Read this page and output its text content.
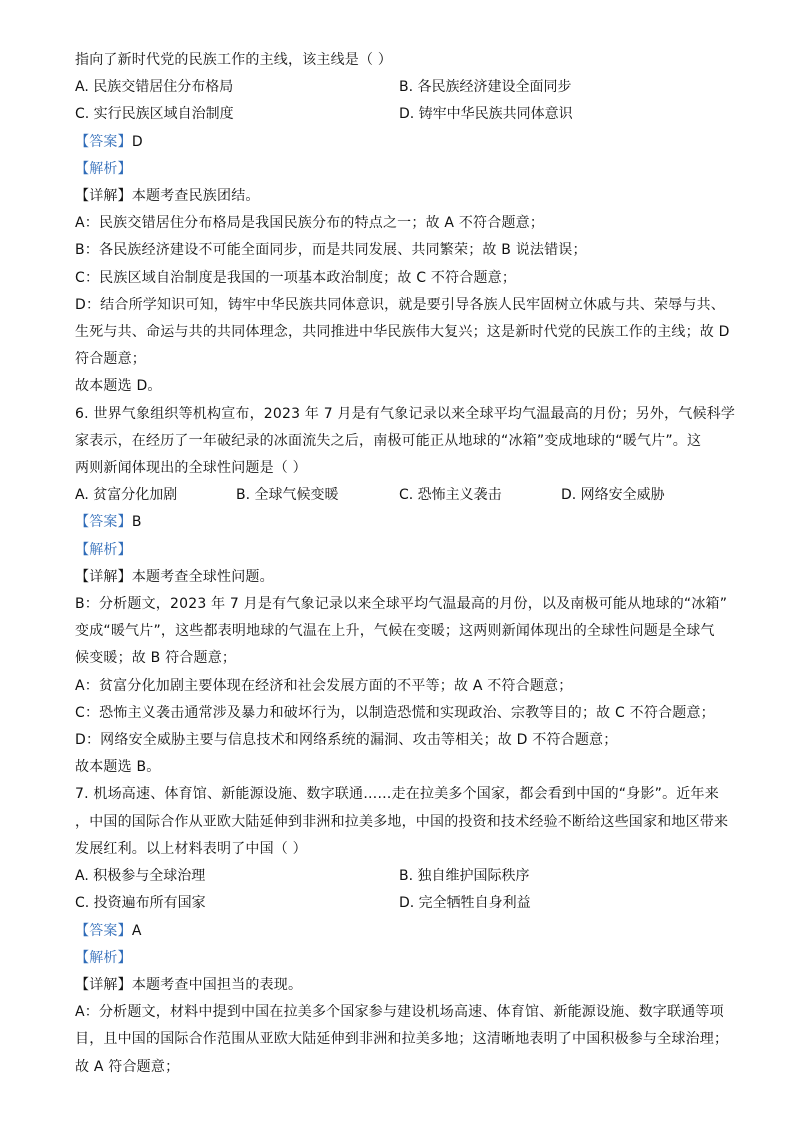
指向了新时代党的民族工作的主线，该主线是（ ）
A. 民族交错居住分布格局	B. 各民族经济建设全面同步
C. 实行民族区域自治制度	D. 铸牢中华民族共同体意识
【答案】D
【解析】
【详解】本题考查民族团结。
A：民族交错居住分布格局是我国民族分布的特点之一；故 A 不符合题意；
B：各民族经济建设不可能全面同步，而是共同发展、共同繁荣；故 B 说法错误；
C：民族区域自治制度是我国的一项基本政治制度；故 C 不符合题意；
D：结合所学知识可知，铸牢中华民族共同体意识，就是要引导各族人民牢固树立休戚与共、荣辱与共、
生死与共、命运与共的共同体理念，共同推进中华民族伟大复兴；这是新时代党的民族工作的主线；故 D
符合题意；
故本题选 D。
6. 世界气象组织等机构宣布，2023 年 7 月是有气象记录以来全球平均气温最高的月份；另外，气候科学
家表示，在经历了一年破纪录的冰面流失之后，南极可能正从地球的“冰箱”变成地球的“暖气片”。这
两则新闻体现出的全球性问题是（ ）
A. 贫富分化加剧	B. 全球气候变暖	C. 恐怖主义袭击	D. 网络安全威胁
【答案】B
【解析】
【详解】本题考查全球性问题。
B：分析题文，2023 年 7 月是有气象记录以来全球平均气温最高的月份，以及南极可能从地球的“冰箱”
变成“暖气片”，这些都表明地球的气温在上升，气候在变暖；这两则新闻体现出的全球性问题是全球气
候变暖；故 B 符合题意；
A：贫富分化加剧主要体现在经济和社会发展方面的不平等；故 A 不符合题意；
C：恐怖主义袭击通常涉及暴力和破坏行为，以制造恐慌和实现政治、宗教等目的；故 C 不符合题意；
D：网络安全威胁主要与信息技术和网络系统的漏洞、攻击等相关；故 D 不符合题意；
故本题选 B。
7. 机场高速、体育馆、新能源设施、数字联通……走在拉美多个国家，都会看到中国的“身影”。近年来
，中国的国际合作从亚欧大陆延伸到非洲和拉美多地，中国的投资和技术经验不断给这些国家和地区带来
发展红利。以上材料表明了中国（ ）
A. 积极参与全球治理	B. 独自维护国际秩序
C. 投资遍布所有国家	D. 完全牺牲自身利益
【答案】A
【解析】
【详解】本题考查中国担当的表现。
A：分析题文，材料中提到中国在拉美多个国家参与建设机场高速、体育馆、新能源设施、数字联通等项
目，且中国的国际合作范围从亚欧大陆延伸到非洲和拉美多地；这清晰地表明了中国积极参与全球治理；
故 A 符合题意；
